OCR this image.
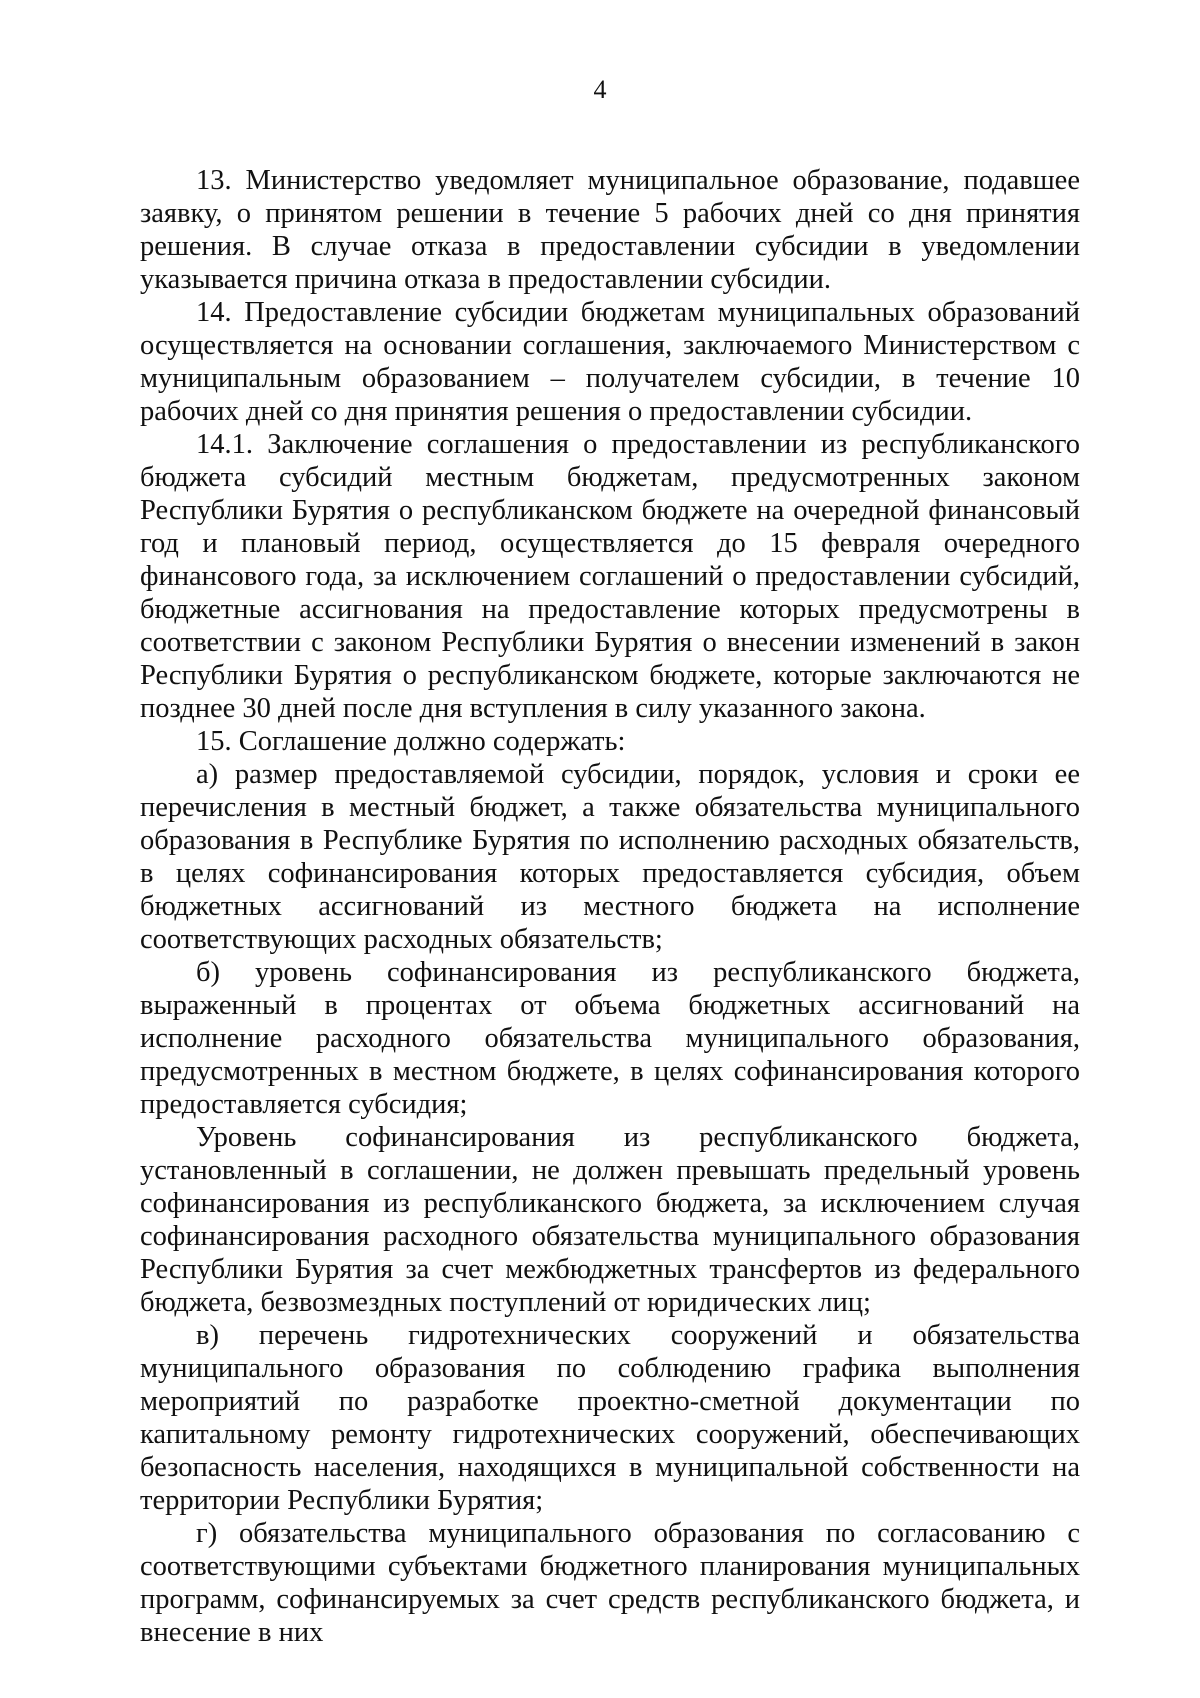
4

13. Министерство уведомляет муниципальное образование, подавшее заявку, о принятом решении в течение 5 рабочих дней со дня принятия решения. В случае отказа в предоставлении субсидии в уведомлении указывается причина отказа в предоставлении субсидии.

14. Предоставление субсидии бюджетам муниципальных образований осуществляется на основании соглашения, заключаемого Министерством с муниципальным образованием – получателем субсидии, в течение 10 рабочих дней со дня принятия решения о предоставлении субсидии.

14.1. Заключение соглашения о предоставлении из республиканского бюджета субсидий местным бюджетам, предусмотренных законом Республики Бурятия о республиканском бюджете на очередной финансовый год и плановый период, осуществляется до 15 февраля очередного финансового года, за исключением соглашений о предоставлении субсидий, бюджетные ассигнования на предоставление которых предусмотрены в соответствии с законом Республики Бурятия о внесении изменений в закон Республики Бурятия о республиканском бюджете, которые заключаются не позднее 30 дней после дня вступления в силу указанного закона.

15. Соглашение должно содержать:

а) размер предоставляемой субсидии, порядок, условия и сроки ее перечисления в местный бюджет, а также обязательства муниципального образования в Республике Бурятия по исполнению расходных обязательств, в целях софинансирования которых предоставляется субсидия, объем бюджетных ассигнований из местного бюджета на исполнение соответствующих расходных обязательств;

б) уровень софинансирования из республиканского бюджета, выраженный в процентах от объема бюджетных ассигнований на исполнение расходного обязательства муниципального образования, предусмотренных в местном бюджете, в целях софинансирования которого предоставляется субсидия;

Уровень софинансирования из республиканского бюджета, установленный в соглашении, не должен превышать предельный уровень софинансирования из республиканского бюджета, за исключением случая софинансирования расходного обязательства муниципального образования Республики Бурятия за счет межбюджетных трансфертов из федерального бюджета, безвозмездных поступлений от юридических лиц;

в) перечень гидротехнических сооружений и обязательства муниципального образования по соблюдению графика выполнения мероприятий по разработке проектно-сметной документации по капитальному ремонту гидротехнических сооружений, обеспечивающих безопасность населения, находящихся в муниципальной собственности на территории Республики Бурятия;

г) обязательства муниципального образования по согласованию с соответствующими субъектами бюджетного планирования муниципальных программ, софинансируемых за счет средств республиканского бюджета, и внесение в них
